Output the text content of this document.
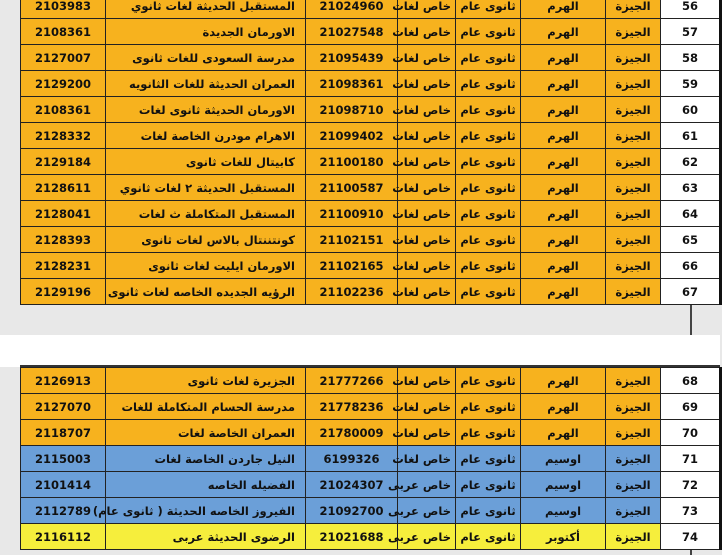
56	الجيزة	الهرم	ثانوى عام	خاص لغات	21024960	المستقبل الحديثة لغات ثانوي	2103983
57	الجيزة	الهرم	ثانوى عام	خاص لغات	21027548	الاورمان الجديدة	2108361
58	الجيزة	الهرم	ثانوى عام	خاص لغات	21095439	مدرسة السعودى للغات ثانوى	2127007
59	الجيزة	الهرم	ثانوى عام	خاص لغات	21098361	العمران الحديثة للغات الثانويه	2129200
60	الجيزة	الهرم	ثانوى عام	خاص لغات	21098710	الاورمان الحديثة ثانوى لغات	2108361
61	الجيزة	الهرم	ثانوى عام	خاص لغات	21099402	الاهرام مودرن الخاصة لغات	2128332
62	الجيزة	الهرم	ثانوى عام	خاص لغات	21100180	كابيتال للغات ثانوى	2129184
63	الجيزة	الهرم	ثانوى عام	خاص لغات	21100587	المستقبل الحديثة ٢ لغات ثانوي	2128611
64	الجيزة	الهرم	ثانوى عام	خاص لغات	21100910	المستقبل المتكاملة ث لغات	2128041
65	الجيزة	الهرم	ثانوى عام	خاص لغات	21102151	كونتننتال بالاس لغات ثانوى	2128393
66	الجيزة	الهرم	ثانوى عام	خاص لغات	21102165	الاورمان ايليت لغات ثانوى	2128231
67	الجيزة	الهرم	ثانوى عام	خاص لغات	21102236	الرؤيه الجديده الخاصه لغات ثانوى	2129196
68	الجيزة	الهرم	ثانوى عام	خاص لغات	21777266	الجزيرة لغات ثانوى	2126913
69	الجيزة	الهرم	ثانوى عام	خاص لغات	21778236	مدرسة الحسام المتكاملة للغات	2127070
70	الجيزة	الهرم	ثانوى عام	خاص لغات	21780009	العمران الخاصة لغات	2118707
71	الجيزة	اوسيم	ثانوى عام	خاص لغات	6199326	النيل جاردن الخاصة لغات	2115003
72	الجيزة	اوسيم	ثانوى عام	خاص عربى	21024307	الفضيله الخاصه	2101414
73	الجيزة	اوسيم	ثانوى عام	خاص عربى	21092700	الفيروز الخاصه الحديثة ( ثانوى عام)	2112789
74	الجيزة	أكتوبر	ثانوى عام	خاص عربى	21021688	الرضوى الحديثة عربى	2116112
